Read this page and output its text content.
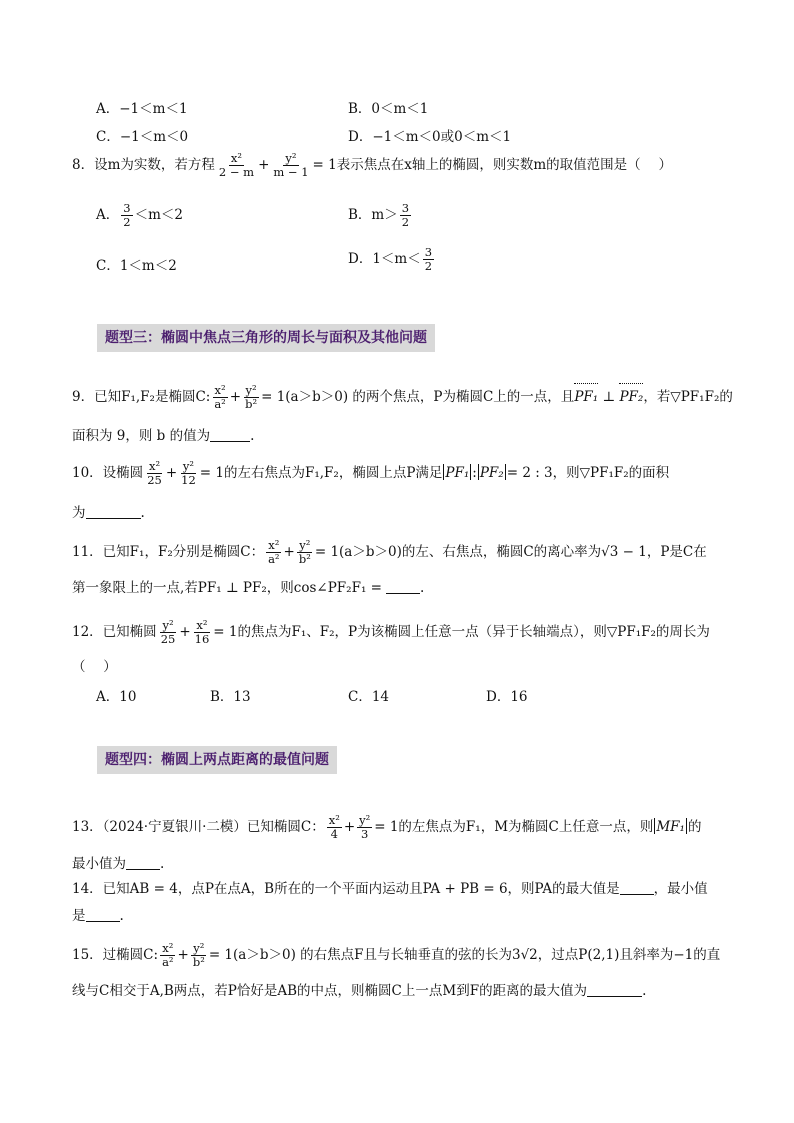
A．−1＜m＜1	B．0＜m＜1
C．−1＜m＜0	D．−1＜m＜0或0＜m＜1
8．设m为实数，若方程 $\frac{\text{x²}}{2 - m} + \frac{\text{y²}}{m - 1} = 1$表示焦点在x轴上的椭圆，则实数m的取值范围是（　 ）
A． $\frac{3}{2} <m<2$	B．$m> \frac{3}{2}$
C．1＜m＜2	D．$1<m< \frac{3}{2}$
题型三：椭圆中焦点三角形的周长与面积及其他问题
9．已知F₁,F₂是椭圆C: $\frac{\text{x²}}{\text{a²}} + \frac{\text{y²}}{\text{b²}} = 1(a>b>0)$ 的两个焦点，P为椭圆C上的一点，且PF₁ ⊥ PF₂，若▽PF₁F₂的
面积为 9，则 b 的值为	.
10．设椭圆 $\frac{\text{x²}}{25} + \frac{\text{y²}}{12} = 1$的左右焦点为F₁,F₂，椭圆上点P满足 PF₁ : PF₂ = 2 : 3，则▽PF₁F₂的面积
为	.
11．已知F₁，F₂分别是椭圆C： $\frac{\text{x²}}{\text{a²}} + \frac{\text{y²}}{\text{b²}} = 1(a>b>0)$的左、右焦点，椭圆C的离心率为√3 − 1，P是C在
第一象限上的一点,若PF₁ ⊥ PF₂，则cos∠PF₂F₁ =	.
12．已知椭圆 $\frac{\text{y²}}{25} + \frac{\text{x²}}{16} = 1$的焦点为F₁、F₂，P为该椭圆上任意一点（异于长轴端点），则▽PF₁F₂的周长为
（　 ）
A．10	B．13	C．14	D．16
题型四：椭圆上两点距离的最值问题
13．（2024·宁夏银川·二模）已知椭圆C： $\frac{\text{x²}}{4} + \frac{\text{y²}}{3} = 1$的左焦点为F₁，M为椭圆C上任意一点，则 MF₁ 的
最小值为	.
14．已知AB = 4，点P在点A，B所在的一个平面内运动且PA + PB = 6，则PA的最大值是	，最小值
是	.
15．过椭圆C: $\frac{\text{x²}}{\text{a²}} + \frac{\text{y²}}{\text{b²}} = 1(a>b>0)$ 的右焦点F且与长轴垂直的弦的长为3√2，过点P(2,1)且斜率为−1的直
线与C相交于A,B两点，若P恰好是AB的中点，则椭圆C上一点M到F的距离的最大值为	.
